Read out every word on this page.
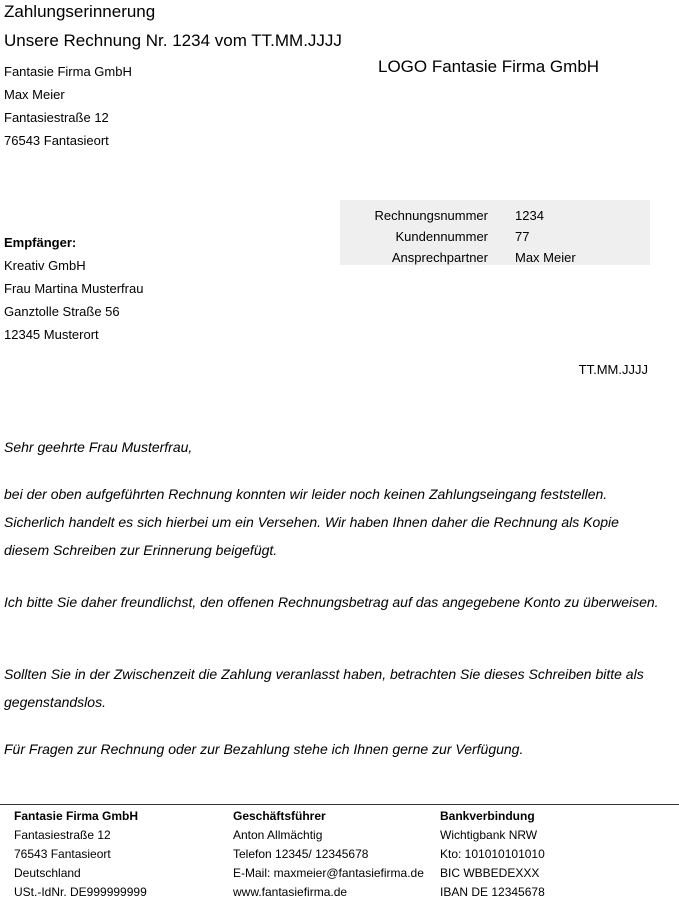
Zahlungserinnerung
Unsere Rechnung Nr. 1234 vom TT.MM.JJJJ
Fantasie Firma GmbH
Max Meier
Fantasiestraße 12
76543 Fantasieort
LOGO Fantasie Firma GmbH
Rechnungsnummer 1234
Kundennummer 77
Ansprechpartner Max Meier
Empfänger:
Kreativ GmbH
Frau Martina Musterfrau
Ganztolle Straße 56
12345 Musterort
TT.MM.JJJJ

Sehr geehrte Frau Musterfrau,

bei der oben aufgeführten Rechnung konnten wir leider noch keinen Zahlungseingang feststellen. Sicherlich handelt es sich hierbei um ein Versehen. Wir haben Ihnen daher die Rechnung als Kopie diesem Schreiben zur Erinnerung beigefügt.

Ich bitte Sie daher freundlichst, den offenen Rechnungsbetrag auf das angegebene Konto zu überweisen.

Sollten Sie in der Zwischenzeit die Zahlung veranlasst haben, betrachten Sie dieses Schreiben bitte als gegenstandslos.

Für Fragen zur Rechnung oder zur Bezahlung stehe ich Ihnen gerne zur Verfügung.

Fantasie Firma GmbH
Fantasiestraße 12
76543 Fantasieort
Deutschland
USt.-IdNr. DE999999999
Geschäftsführer
Anton Allmächtig
Telefon 12345/ 12345678
E-Mail: maxmeier@fantasiefirma.de
www.fantasiefirma.de
Bankverbindung
Wichtigbank NRW
Kto: 101010101010
BIC WBBEDEXXX
IBAN DE 12345678
